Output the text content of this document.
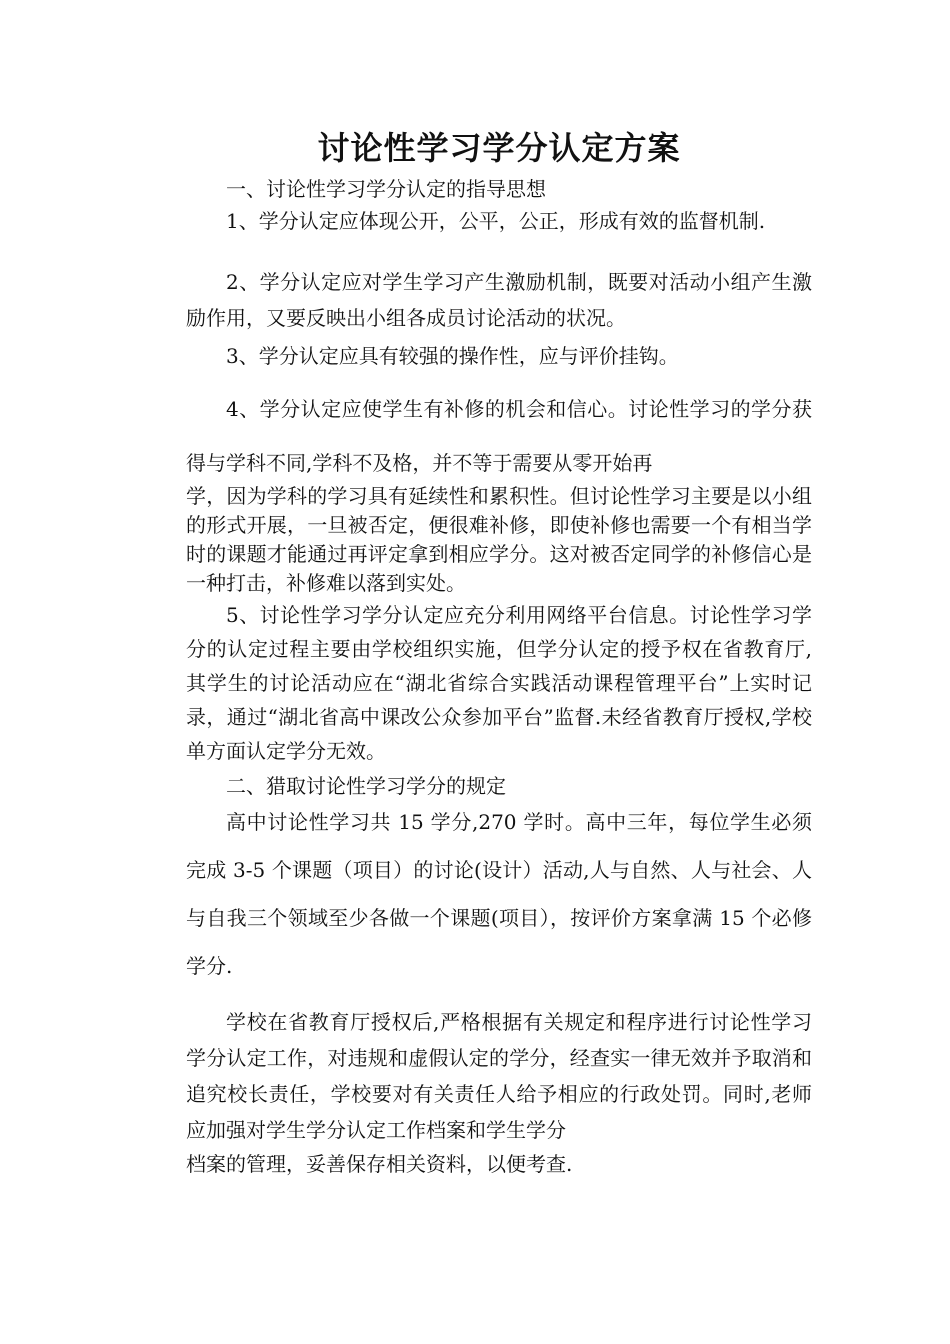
讨论性学习学分认定方案

一、讨论性学习学分认定的指导思想

1、学分认定应体现公开，公平，公正，形成有效的监督机制.

2、学分认定应对学生学习产生激励机制，既要对活动小组产生激励作用，又要反映出小组各成员讨论活动的状况。

3、学分认定应具有较强的操作性，应与评价挂钩。

4、学分认定应使学生有补修的机会和信心。讨论性学习的学分获得与学科不同,学科不及格，并不等于需要从零开始再

学，因为学科的学习具有延续性和累积性。但讨论性学习主要是以小组的形式开展，一旦被否定，便很难补修，即使补修也需要一个有相当学时的课题才能通过再评定拿到相应学分。这对被否定同学的补修信心是一种打击，补修难以落到实处。

5、讨论性学习学分认定应充分利用网络平台信息。讨论性学习学分的认定过程主要由学校组织实施，但学分认定的授予权在省教育厅,其学生的讨论活动应在“湖北省综合实践活动课程管理平台”上实时记录，通过“湖北省高中课改公众参加平台”监督.未经省教育厅授权,学校单方面认定学分无效。

二、猎取讨论性学习学分的规定

高中讨论性学习共 15 学分,270 学时。高中三年，每位学生必须完成 3-5 个课题（项目）的讨论(设计）活动,人与自然、人与社会、人与自我三个领域至少各做一个课题(项目），按评价方案拿满 15 个必修学分.

学校在省教育厅授权后,严格根据有关规定和程序进行讨论性学习学分认定工作，对违规和虚假认定的学分，经查实一律无效并予取消和追究校长责任，学校要对有关责任人给予相应的行政处罚。同时,老师应加强对学生学分认定工作档案和学生学分

档案的管理，妥善保存相关资料，以便考查.
